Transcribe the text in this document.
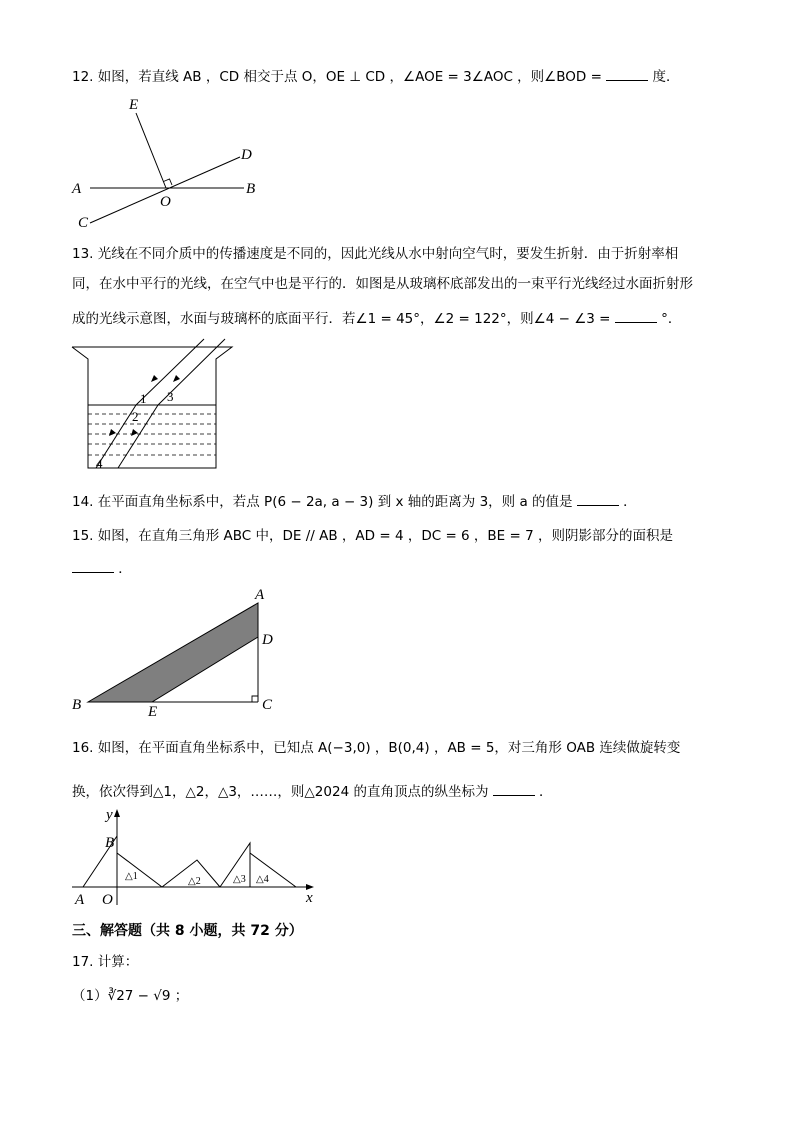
12. 如图，若直线 AB ，CD 相交于点 O，OE ⊥ CD ，∠AOE = 3∠AOC ，则∠BOD =	度．
E
D
A	B
O
C
13. 光线在不同介质中的传播速度是不同的，因此光线从水中射向空气时，要发生折射．由于折射率相
同，在水中平行的光线，在空气中也是平行的．如图是从玻璃杯底部发出的一束平行光线经过水面折射形
成的光线示意图，水面与玻璃杯的底面平行．若∠1 = 45°，∠2 = 122°，则∠4 − ∠3 =	°．
1 3
2
4
14. 在平面直角坐标系中，若点 P(6 − 2a, a − 3) 到 x 轴的距离为 3，则 a 的值是	．
15. 如图，在直角三角形 ABC 中，DE // AB ，AD = 4 ，DC = 6 ，BE = 7 ，则阴影部分的面积是
．
A
D
B	E	C
16. 如图，在平面直角坐标系中，已知点 A(−3,0) ，B(0,4) ，AB = 5，对三角形 OAB 连续做旋转变
换，依次得到△1，△2，△3，……，则△2024 的直角顶点的纵坐标为	．
y
B
△1	△2	△3 △4
A O	x
三、解答题（共 8 小题，共 72 分）
17. 计算：
（1）∛27 − √9 ；
